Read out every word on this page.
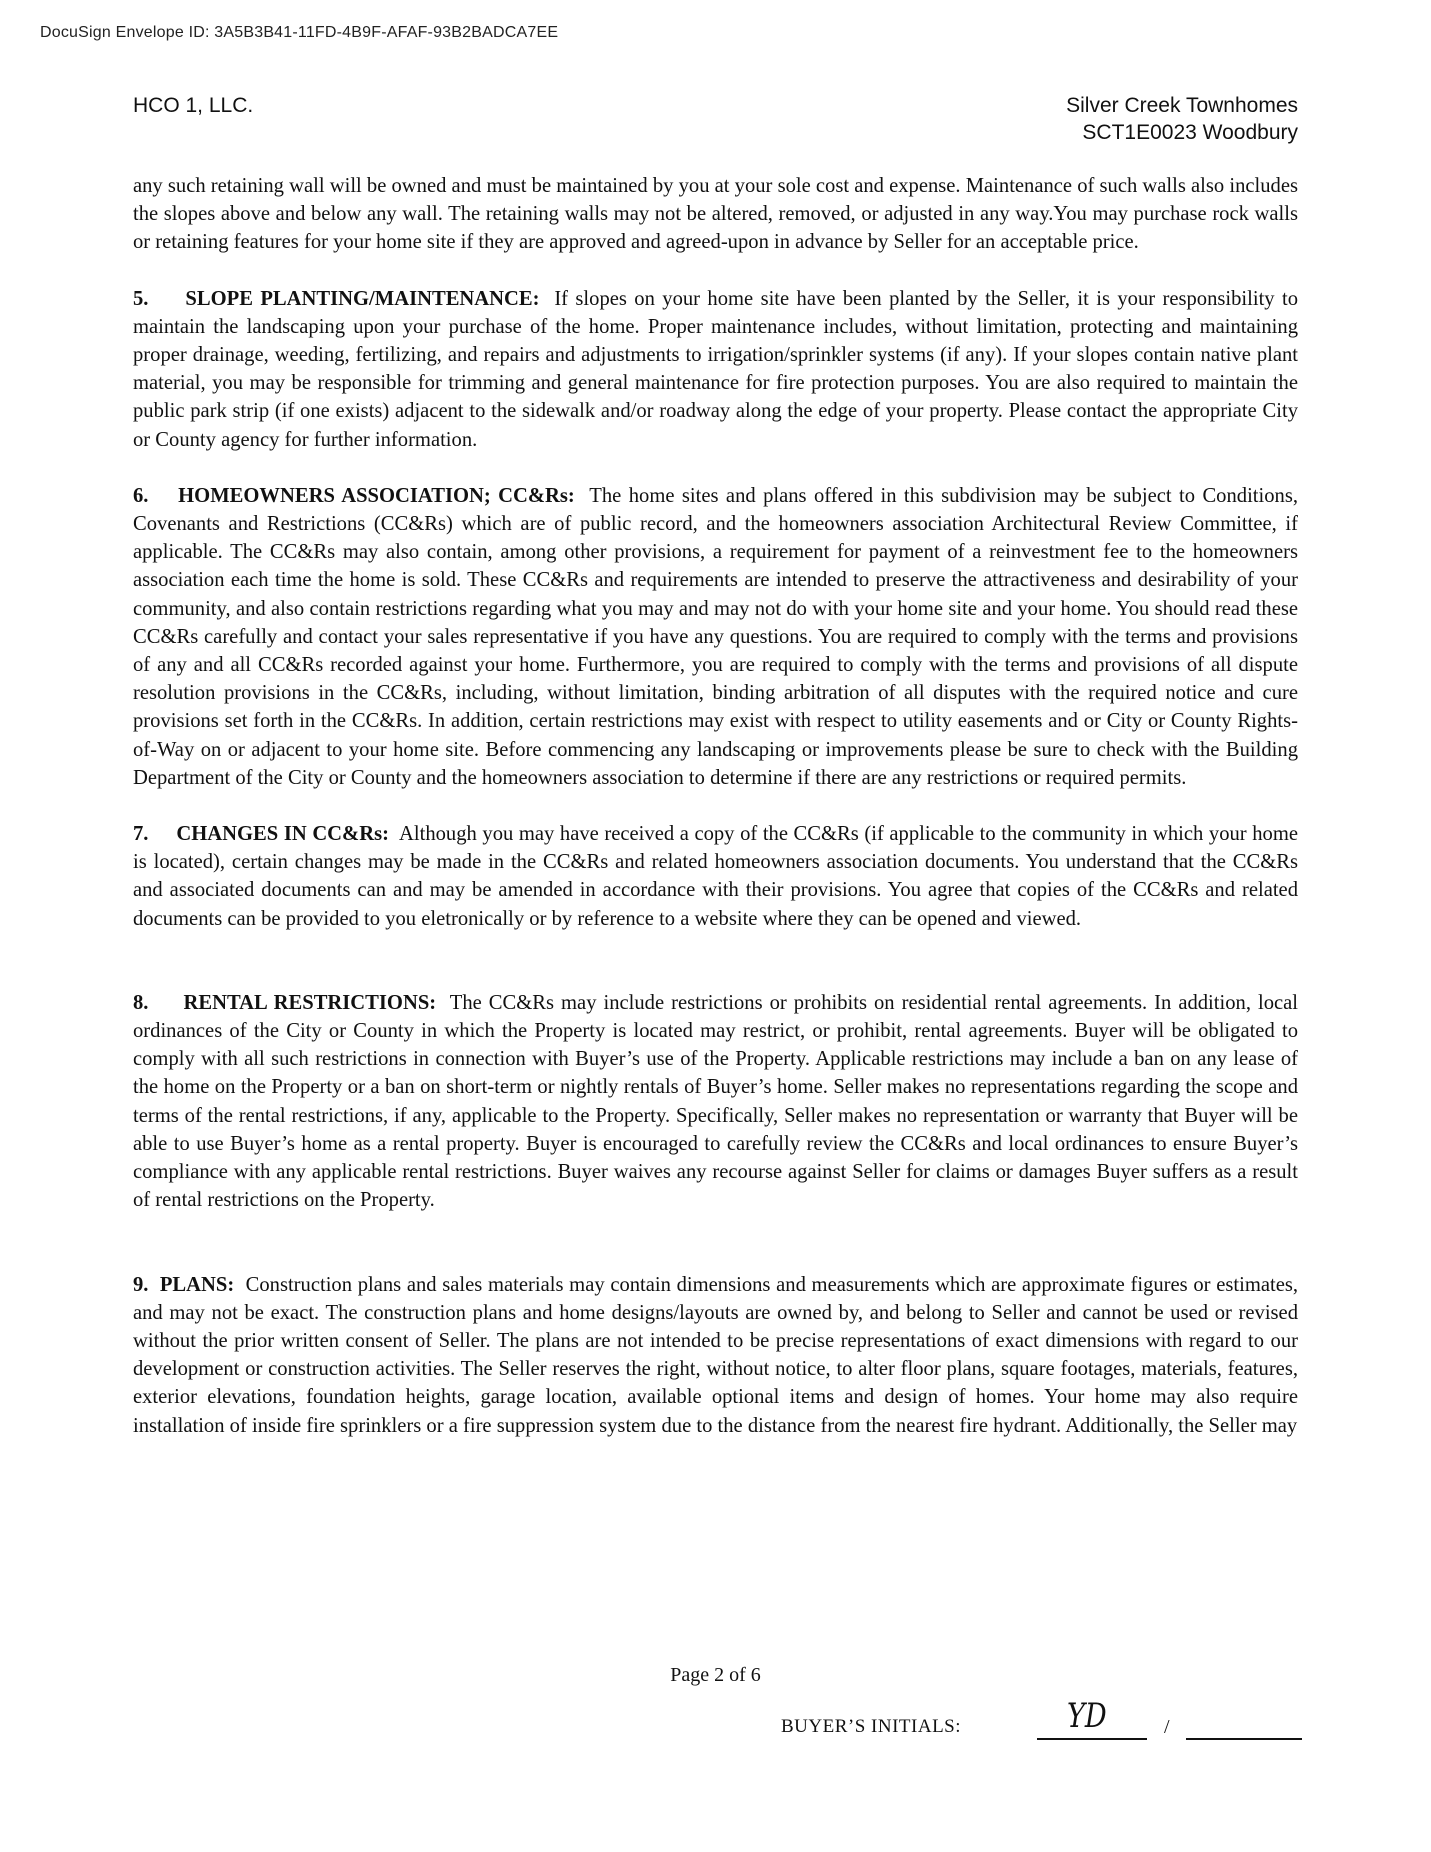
DocuSign Envelope ID: 3A5B3B41-11FD-4B9F-AFAF-93B2BADCA7EE
HCO 1, LLC.	Silver Creek Townhomes
SCT1E0023 Woodbury

any such retaining wall will be owned and must be maintained by you at your sole cost and expense. Maintenance of such walls also includes the slopes above and below any wall. The retaining walls may not be altered, removed, or adjusted in any way.You may purchase rock walls or retaining features for your home site if they are approved and agreed-upon in advance by Seller for an acceptable price.

5. SLOPE PLANTING/MAINTENANCE: If slopes on your home site have been planted by the Seller, it is your responsibility to maintain the landscaping upon your purchase of the home. Proper maintenance includes, without limitation, protecting and maintaining proper drainage, weeding, fertilizing, and repairs and adjustments to irrigation/sprinkler systems (if any). If your slopes contain native plant material, you may be responsible for trimming and general maintenance for fire protection purposes. You are also required to maintain the public park strip (if one exists) adjacent to the sidewalk and/or roadway along the edge of your property. Please contact the appropriate City or County agency for further information.

6. HOMEOWNERS ASSOCIATION; CC&Rs: The home sites and plans offered in this subdivision may be subject to Conditions, Covenants and Restrictions (CC&Rs) which are of public record, and the homeowners association Architectural Review Committee, if applicable. The CC&Rs may also contain, among other provisions, a requirement for payment of a reinvestment fee to the homeowners association each time the home is sold. These CC&Rs and requirements are intended to preserve the attractiveness and desirability of your community, and also contain restrictions regarding what you may and may not do with your home site and your home. You should read these CC&Rs carefully and contact your sales representative if you have any questions. You are required to comply with the terms and provisions of any and all CC&Rs recorded against your home. Furthermore, you are required to comply with the terms and provisions of all dispute resolution provisions in the CC&Rs, including, without limitation, binding arbitration of all disputes with the required notice and cure provisions set forth in the CC&Rs. In addition, certain restrictions may exist with respect to utility easements and or City or County Rights-of-Way on or adjacent to your home site. Before commencing any landscaping or improvements please be sure to check with the Building Department of the City or County and the homeowners association to determine if there are any restrictions or required permits.

7. CHANGES IN CC&Rs: Although you may have received a copy of the CC&Rs (if applicable to the community in which your home is located), certain changes may be made in the CC&Rs and related homeowners association documents. You understand that the CC&Rs and associated documents can and may be amended in accordance with their provisions. You agree that copies of the CC&Rs and related documents can be provided to you eletronically or by reference to a website where they can be opened and viewed.

8. RENTAL RESTRICTIONS: The CC&Rs may include restrictions or prohibits on residential rental agreements. In addition, local ordinances of the City or County in which the Property is located may restrict, or prohibit, rental agreements. Buyer will be obligated to comply with all such restrictions in connection with Buyer’s use of the Property. Applicable restrictions may include a ban on any lease of the home on the Property or a ban on short-term or nightly rentals of Buyer’s home. Seller makes no representations regarding the scope and terms of the rental restrictions, if any, applicable to the Property. Specifically, Seller makes no representation or warranty that Buyer will be able to use Buyer’s home as a rental property. Buyer is encouraged to carefully review the CC&Rs and local ordinances to ensure Buyer’s compliance with any applicable rental restrictions. Buyer waives any recourse against Seller for claims or damages Buyer suffers as a result of rental restrictions on the Property.

9. PLANS: Construction plans and sales materials may contain dimensions and measurements which are approximate figures or estimates, and may not be exact. The construction plans and home designs/layouts are owned by, and belong to Seller and cannot be used or revised without the prior written consent of Seller. The plans are not intended to be precise representations of exact dimensions with regard to our development or construction activities. The Seller reserves the right, without notice, to alter floor plans, square footages, materials, features, exterior elevations, foundation heights, garage location, available optional items and design of homes. Your home may also require installation of inside fire sprinklers or a fire suppression system due to the distance from the nearest fire hydrant. Additionally, the Seller may

Page 2 of 6
BUYER’S INITIALS:	YD	/
